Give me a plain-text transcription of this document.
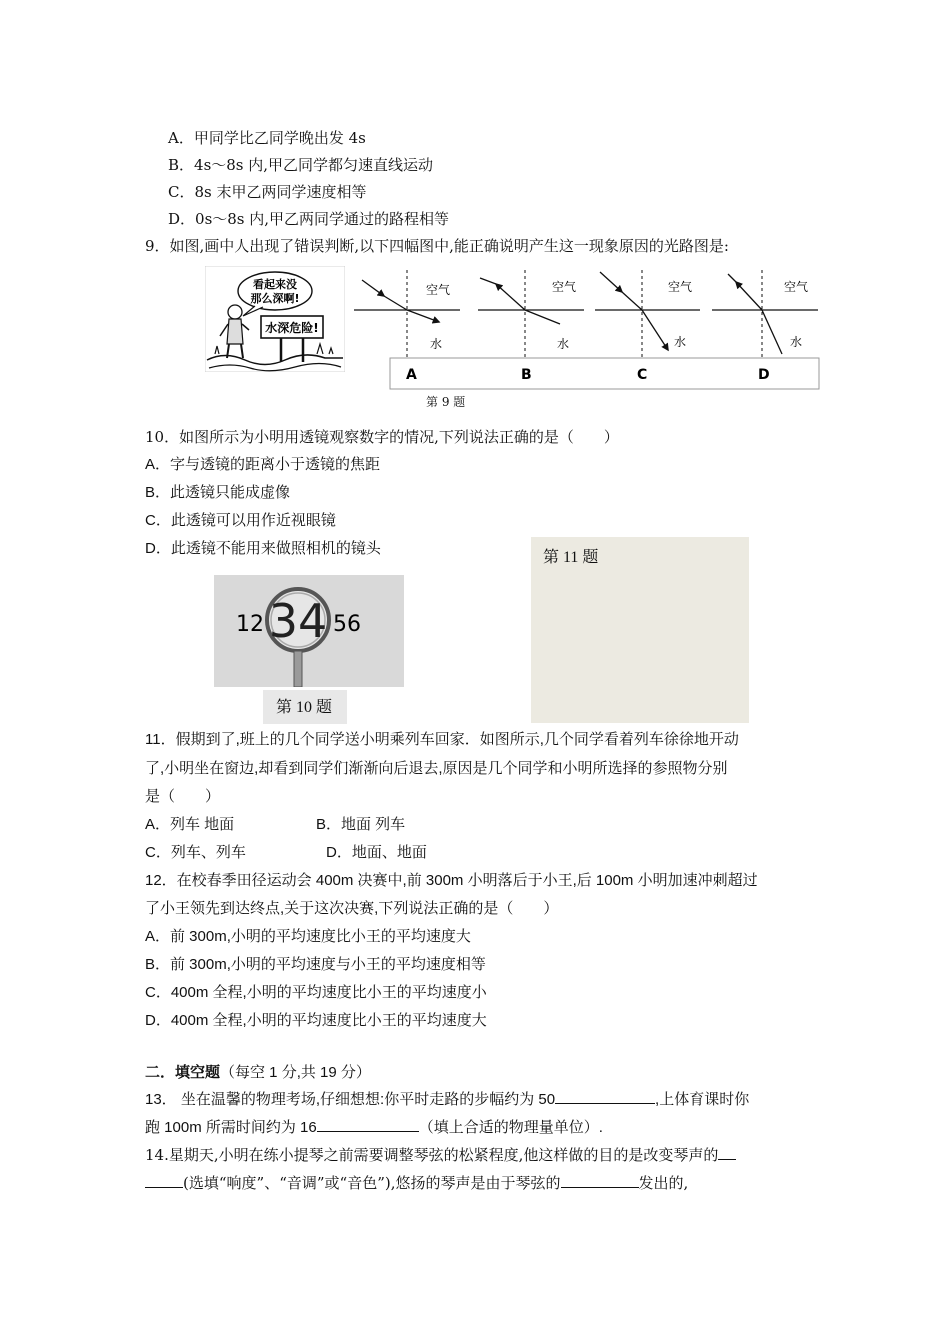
A．甲同学比乙同学晚出发 4s
B．4s～8s 内,甲乙同学都匀速直线运动
C．8s 末甲乙两同学速度相等
D．0s～8s 内,甲乙两同学通过的路程相等
9．如图,画中人出现了错误判断,以下四幅图中,能正确说明产生这一现象原因的光路图是:
看起来没
那么深啊!
水深危险!
空气
水
A
空气
水
B
空气
水
C
空气
水
D
第 9 题
10．如图所示为小明用透镜观察数字的情况,下列说法正确的是（　　）
A．字与透镜的距离小于透镜的焦距
B．此透镜只能成虚像
C．此透镜可以用作近视眼镜
D．此透镜不能用来做照相机的镜头
12 34 56
第 10 题
第 11 题
11．假期到了,班上的几个同学送小明乘列车回家．如图所示,几个同学看着列车徐徐地开动
了,小明坐在窗边,却看到同学们渐渐向后退去,原因是几个同学和小明所选择的参照物分别
是（　　）
A．列车 地面	B．地面 列车
C．列车、列车	D．地面、地面
12．在校春季田径运动会 400m 决赛中,前 300m 小明落后于小王,后 100m 小明加速冲刺超过
了小王领先到达终点,关于这次决赛,下列说法正确的是（　　）
A．前 300m,小明的平均速度比小王的平均速度大
B．前 300m,小明的平均速度与小王的平均速度相等
C．400m 全程,小明的平均速度比小王的平均速度小
D．400m 全程,小明的平均速度比小王的平均速度大
二．填空题（每空 1 分,共 19 分）
13． 坐在温馨的物理考场,仔细想想:你平时走路的步幅约为 50	,上体育课时你
跑 100m 所需时间约为 16	（填上合适的物理量单位）.
14.星期天,小明在练小提琴之前需要调整琴弦的松紧程度,他这样做的目的是改变琴声的
(选填“响度”、“音调”或“音色”),悠扬的琴声是由于琴弦的	发出的,
